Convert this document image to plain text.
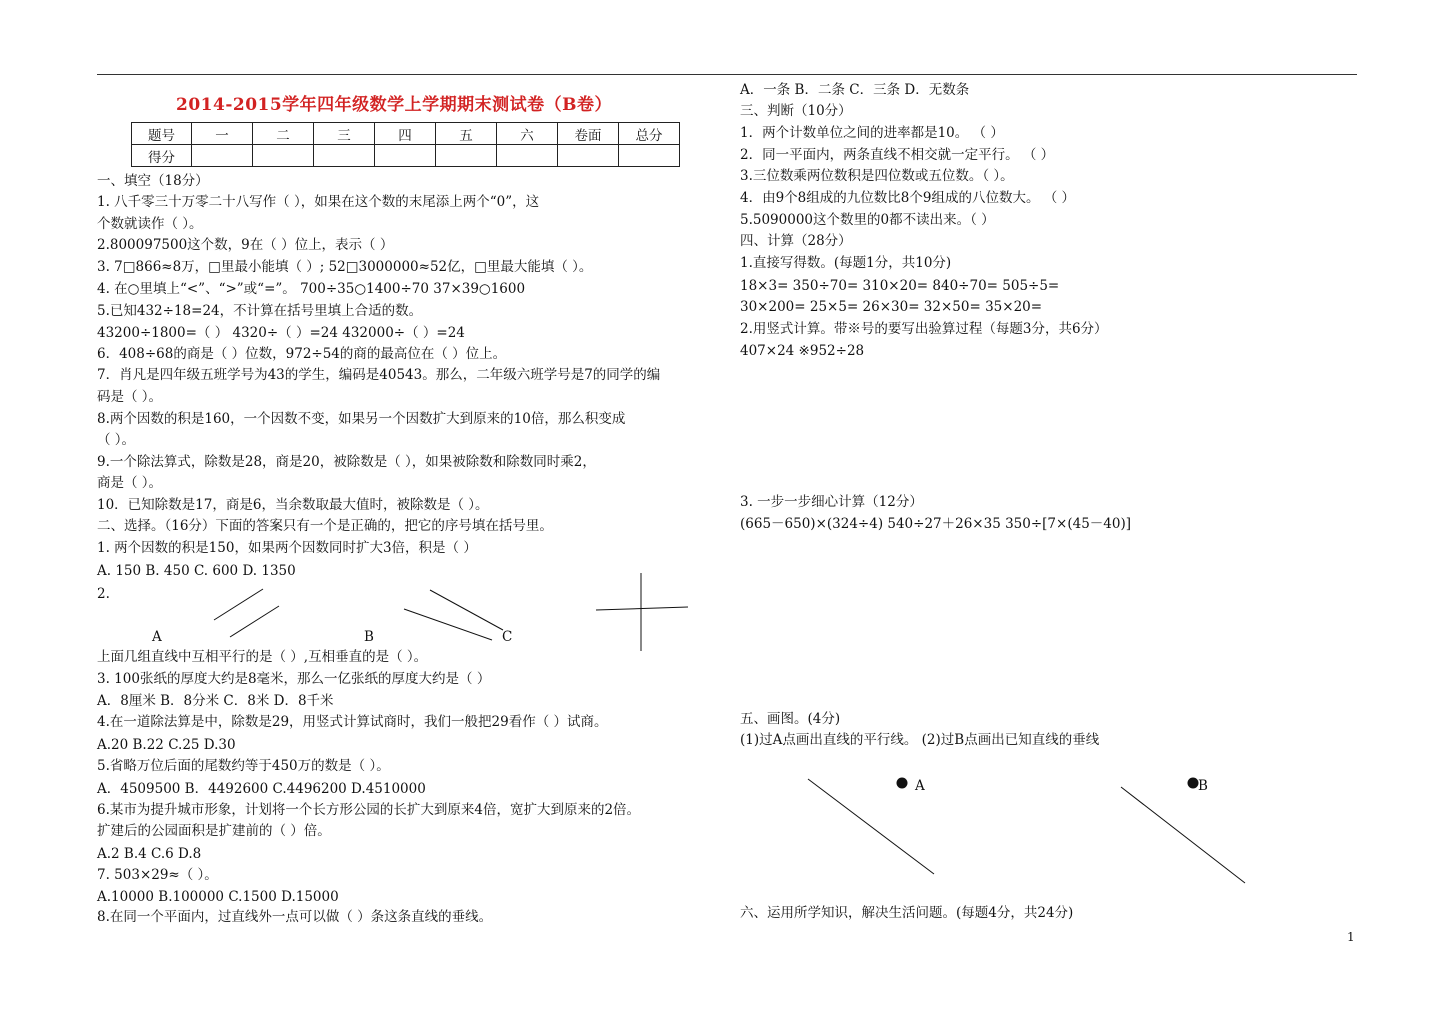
2014-2015学年四年级数学上学期期末测试卷（B卷）
题号	一	二	三	四	五	六	卷面	总分
得分								
一、填空（18分）
1. 八千零三十万零二十八写作（ ），如果在这个数的末尾添上两个“0”，这
个数就读作（ ）。
2.800097500这个数，9在（ ）位上，表示（ ）
3. 7□866≈8万，□里最小能填（ ）; 52□3000000≈52亿，□里最大能填（ ）。
4. 在○里填上“<”、“>”或“=”。 700÷35○1400÷70 37×39○1600
5.已知432÷18=24，不计算在括号里填上合适的数。
43200÷1800=（ ） 4320÷（ ）=24 432000÷（ ）=24
6．408÷68的商是（ ）位数，972÷54的商的最高位在（ ）位上。
7．肖凡是四年级五班学号为43的学生，编码是40543。那么，二年级六班学号是7的同学的编
码是（ ）。
8.两个因数的积是160，一个因数不变，如果另一个因数扩大到原来的10倍，那么积变成
（ ）。
9.一个除法算式，除数是28，商是20，被除数是（ ），如果被除数和除数同时乘2，
商是（ ）。
10．已知除数是17，商是6，当余数取最大值时，被除数是（ ）。
二、选择。（16分）下面的答案只有一个是正确的，把它的序号填在括号里。
1. 两个因数的积是150，如果两个因数同时扩大3倍，积是（ ）
A. 150 B. 450 C. 600 D. 1350
2.
A	B	C
上面几组直线中互相平行的是（ ）,互相垂直的是（ ）。
3. 100张纸的厚度大约是8毫米，那么一亿张纸的厚度大约是（ ）
A．8厘米 B．8分米 C．8米 D．8千米
4.在一道除法算是中，除数是29，用竖式计算试商时，我们一般把29看作（ ）试商。
A.20 B.22 C.25 D.30
5.省略万位后面的尾数约等于450万的数是（ ）。
A．4509500 B．4492600 C.4496200 D.4510000
6.某市为提升城市形象，计划将一个长方形公园的长扩大到原来4倍，宽扩大到原来的2倍。
扩建后的公园面积是扩建前的（ ）倍。
A.2 B.4 C.6 D.8
7. 503×29≈（ ）。
A.10000 B.100000 C.1500 D.15000
8.在同一个平面内，过直线外一点可以做（ ）条这条直线的垂线。
A．一条 B．二条 C．三条 D．无数条
三、判断（10分）
1．两个计数单位之间的进率都是10。 （ ）
2．同一平面内，两条直线不相交就一定平行。 （ ）
3.三位数乘两位数积是四位数或五位数。（ ）。
4．由9个8组成的九位数比8个9组成的八位数大。 （ ）
5.5090000这个数里的0都不读出来。（ ）
四、计算（28分）
1.直接写得数。(每题1分，共10分)
18×3= 350÷70= 310×20= 840÷70= 505÷5=
30×200= 25×5= 26×30= 32×50= 35×20=
2.用竖式计算。带※号的要写出验算过程（每题3分，共6分）
407×24 ※952÷28
3. 一步一步细心计算（12分）
(665－650)×(324÷4) 540÷27＋26×35 350÷[7×(45－40)]
五、画图。(4分)
(1)过A点画出直线的平行线。 (2)过B点画出已知直线的垂线
A	B
六、运用所学知识，解决生活问题。(每题4分，共24分)
1
